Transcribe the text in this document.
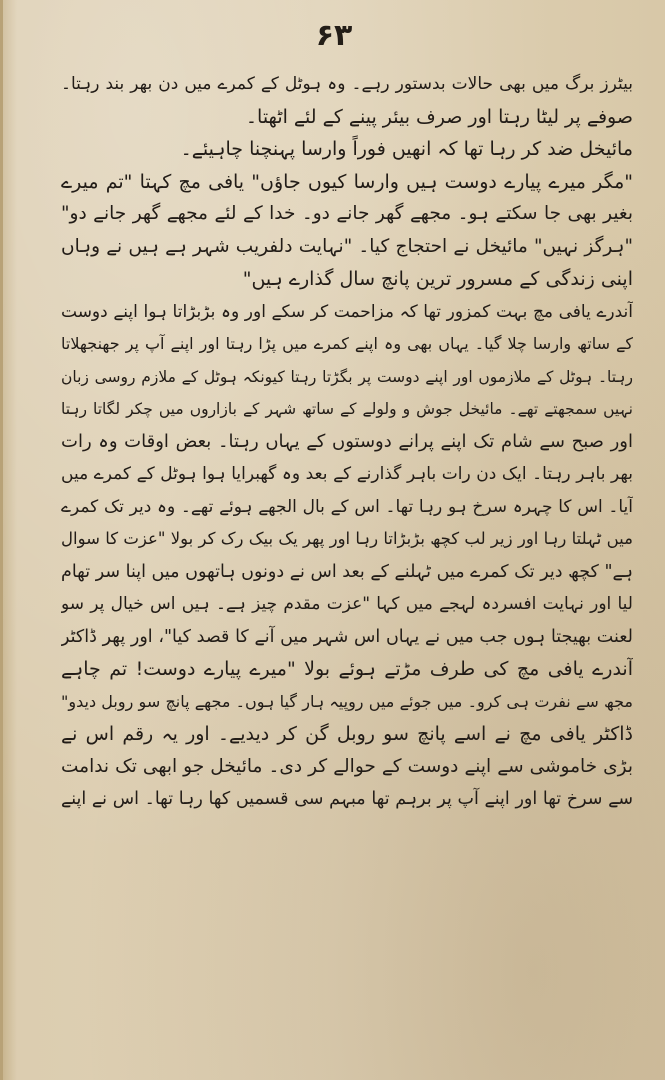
۶۳
بیٹرز برگ میں بھی حالات بدستور رہے۔ وہ ہوٹل کے کمرے میں دن بھر بند رہتا۔
صوفے پر لیٹا رہتا اور صرف بیئر پینے کے لئے اٹھتا۔
مائیخل ضد کر رہا تھا کہ انھیں فوراً وارسا پہنچنا چاہیئے۔
"مگر میرے پیارے دوست ہیں وارسا کیوں جاؤں" یافی مچ کہتا "تم میرے
بغیر بھی جا سکتے ہو۔ مجھے گھر جانے دو۔ خدا کے لئے مجھے گھر جانے دو"
"ہرگز نہیں" مائیخل نے احتجاج کیا۔ "نہایت دلفریب شہر ہے ہیں نے وہاں
اپنی زندگی کے مسرور ترین پانچ سال گذارے ہیں"
آندرے یافی مچ بہت کمزور تھا کہ مزاحمت کر سکے اور وہ بڑبڑاتا ہوا اپنے دوست
کے ساتھ وارسا چلا گیا۔ یہاں بھی وہ اپنے کمرے میں پڑا رہتا اور اپنے آپ پر جھنجھلاتا
رہتا۔ ہوٹل کے ملازموں اور اپنے دوست پر بگڑتا رہتا کیونکہ ہوٹل کے ملازم روسی زبان
نہیں سمجھتے تھے۔ مائیخل جوش و ولولے کے ساتھ شہر کے بازاروں میں چکر لگاتا رہتا
اور صبح سے شام تک اپنے پرانے دوستوں کے یہاں رہتا۔ بعض اوقات وہ رات
بھر باہر رہتا۔ ایک دن رات باہر گذارنے کے بعد وہ گھبرایا ہوا ہوٹل کے کمرے میں
آیا۔ اس کا چہرہ سرخ ہو رہا تھا۔ اس کے بال الجھے ہوئے تھے۔ وہ دیر تک کمرے
میں ٹہلتا رہا اور زیر لب کچھ بڑبڑاتا رہا اور پھر یک بیک رک کر بولا "عزت کا سوال
ہے" کچھ دیر تک کمرے میں ٹہلنے کے بعد اس نے دونوں ہاتھوں میں اپنا سر تھام
لیا اور نہایت افسردہ لہجے میں کہا "عزت مقدم چیز ہے۔ ہیں اس خیال پر سو
لعنت بھیجتا ہوں جب میں نے یہاں اس شہر میں آنے کا قصد کیا"، اور پھر ڈاکٹر
آندرے یافی مچ کی طرف مڑتے ہوئے بولا "میرے پیارے دوست! تم چاہے
مجھ سے نفرت ہی کرو۔ میں جوئے میں روپیہ ہار گیا ہوں۔ مجھے پانچ سو روبل دیدو"
ڈاکٹر یافی مچ نے اسے پانچ سو روبل گن کر دیدیے۔ اور یہ رقم اس نے
بڑی خاموشی سے اپنے دوست کے حوالے کر دی۔ مائیخل جو ابھی تک ندامت
سے سرخ تھا اور اپنے آپ پر برہم تھا مبہم سی قسمیں کھا رہا تھا۔ اس نے اپنے
